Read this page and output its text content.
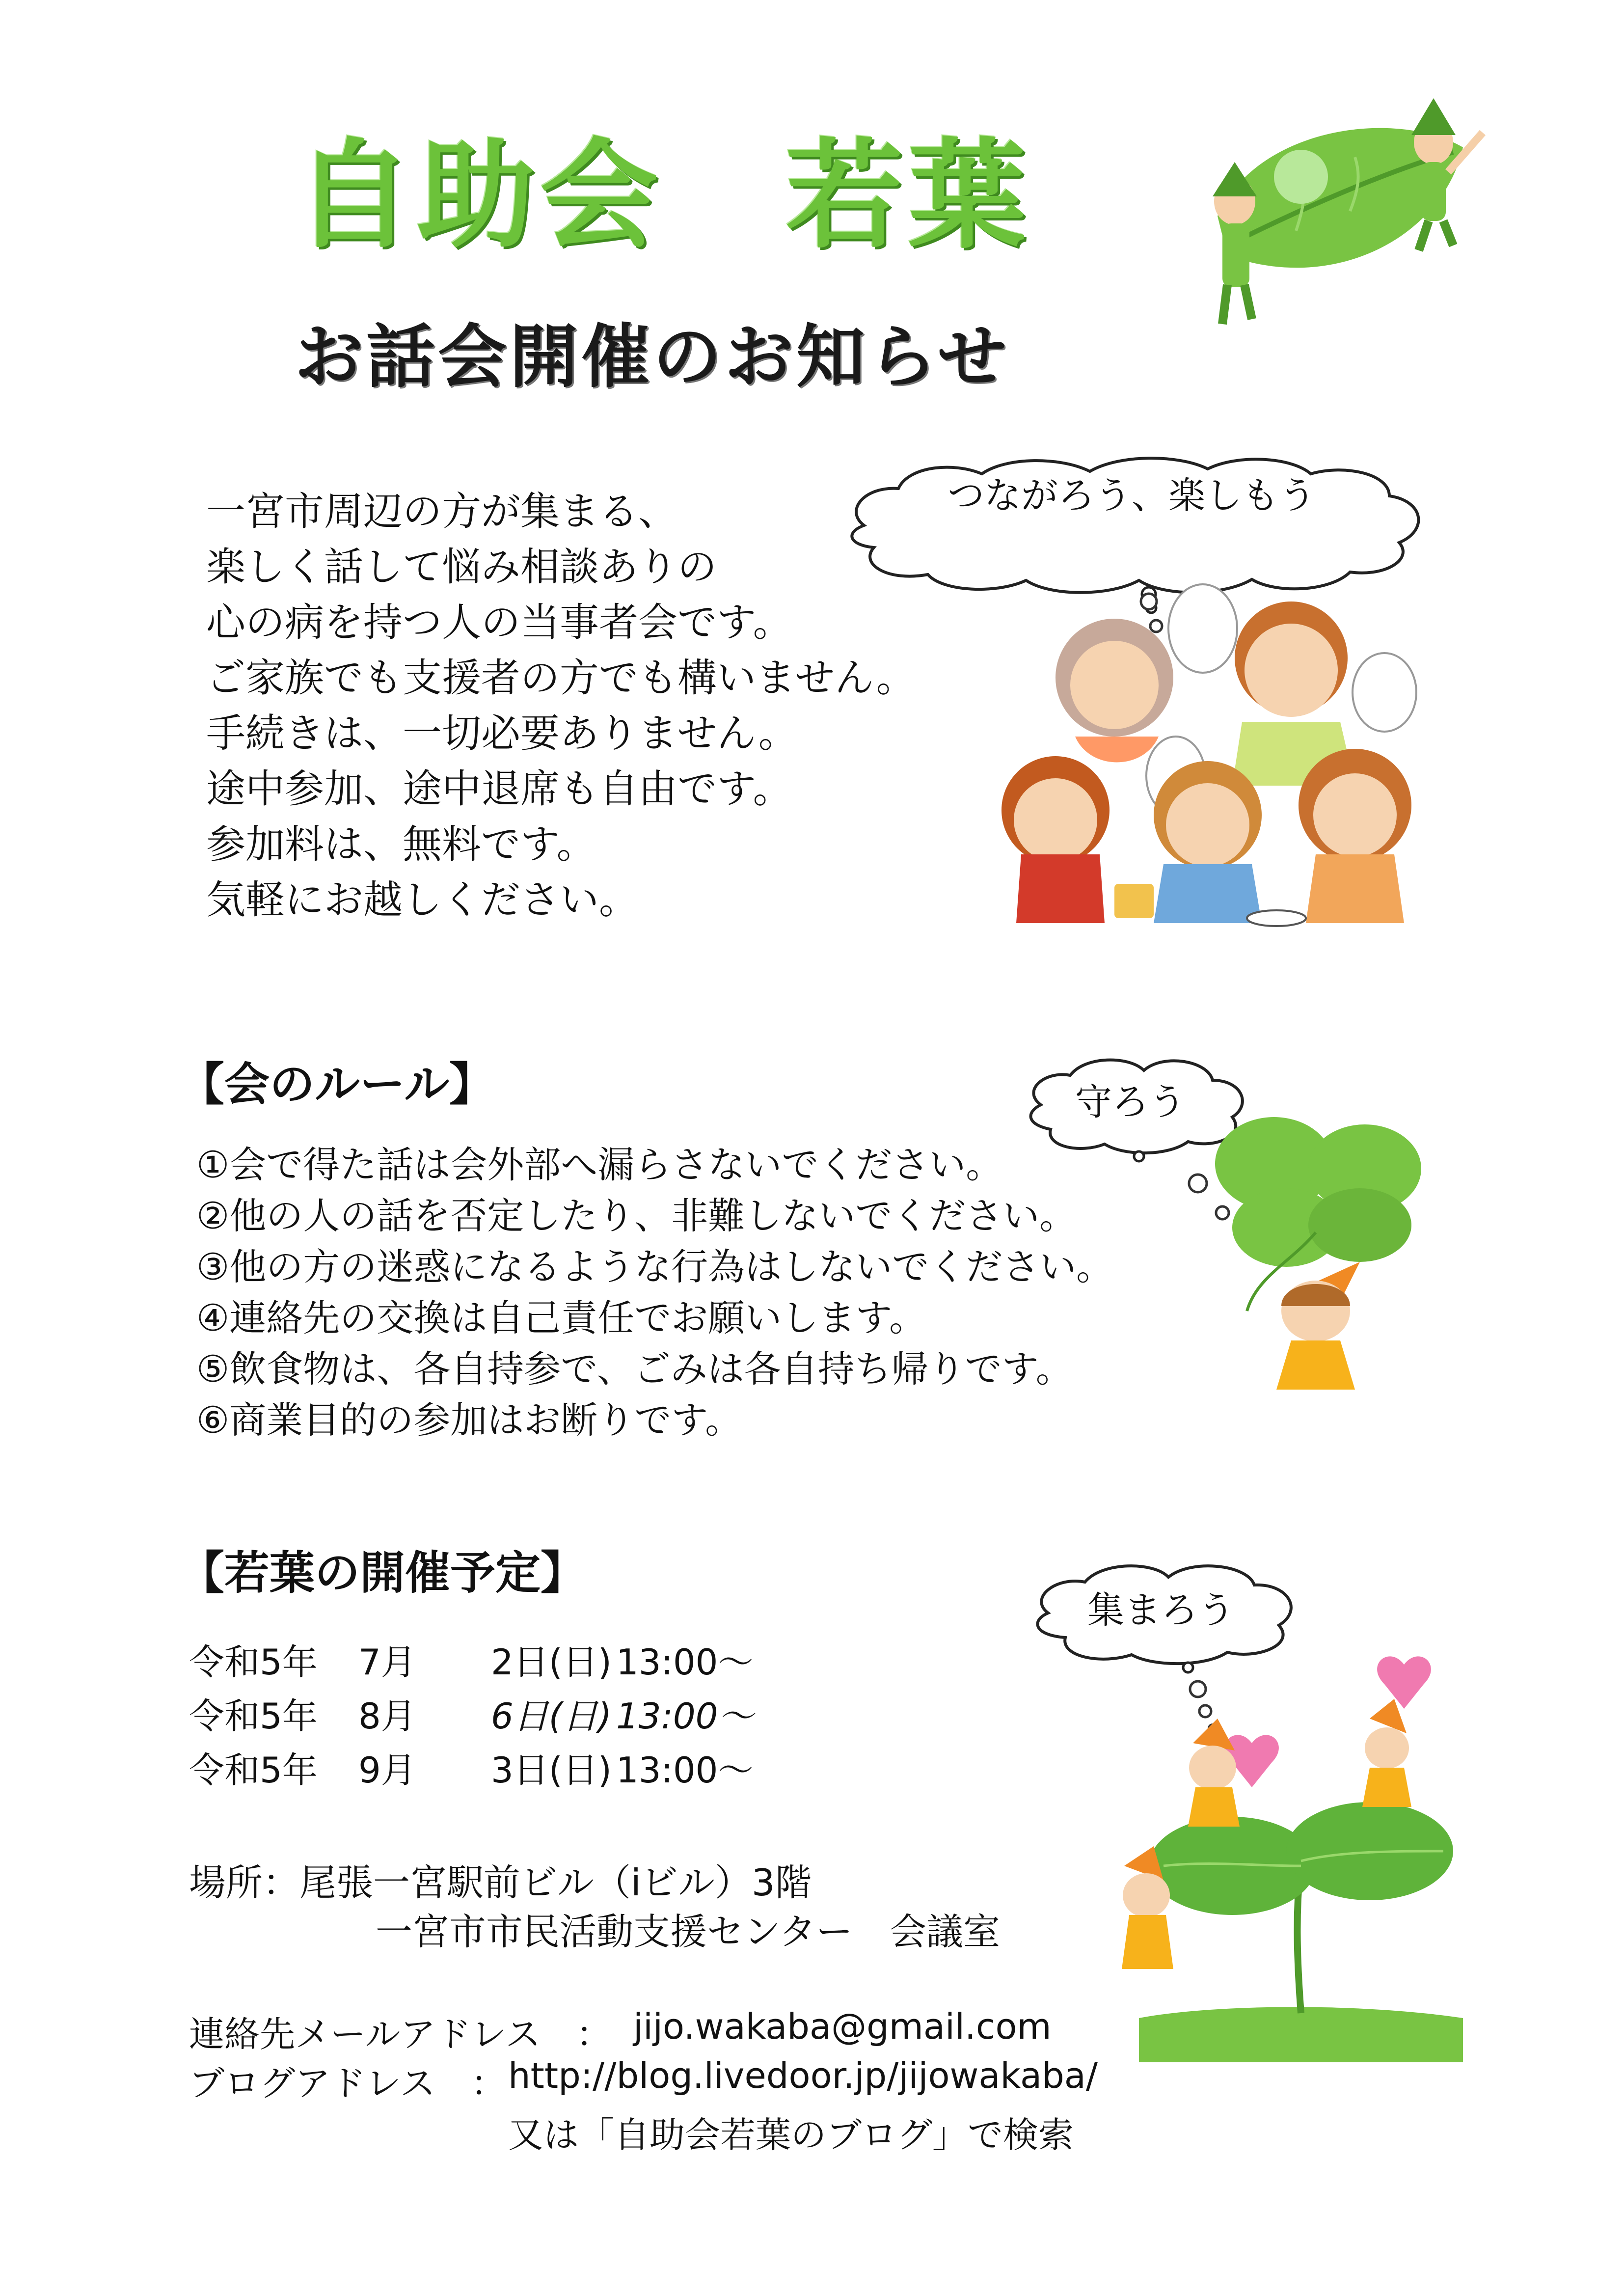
自助会　若葉
お話会開催のお知らせ
一宮市周辺の方が集まる、
楽しく話して悩み相談ありの
心の病を持つ人の当事者会です。
ご家族でも支援者の方でも構いません。
手続きは、一切必要ありません。
途中参加、途中退席も自由です。
参加料は、無料です。
気軽にお越しください。
つながろう、楽しもう
【会のルール】	守ろう
①会で得た話は会外部へ漏らさないでください。
②他の人の話を否定したり、非難しないでください。
③他の方の迷惑になるような行為はしないでください。
④連絡先の交換は自己責任でお願いします。
⑤飲食物は、各自持参で、ごみは各自持ち帰りです。
⑥商業目的の参加はお断りです。
【若葉の開催予定】
集まろう
令和5年	7月	2日(日) 13:00～
令和5年	8月	6日(日) 13:00～
令和5年	9月	3日(日) 13:00～
場所：尾張一宮駅前ビル（iビル）3階
一宮市市民活動支援センター　会議室
連絡先メールアドレス　： jijo.wakaba@gmail.com
ブログアドレス　： http://blog.livedoor.jp/jijowakaba/
又は「自助会若葉のブログ」で検索
